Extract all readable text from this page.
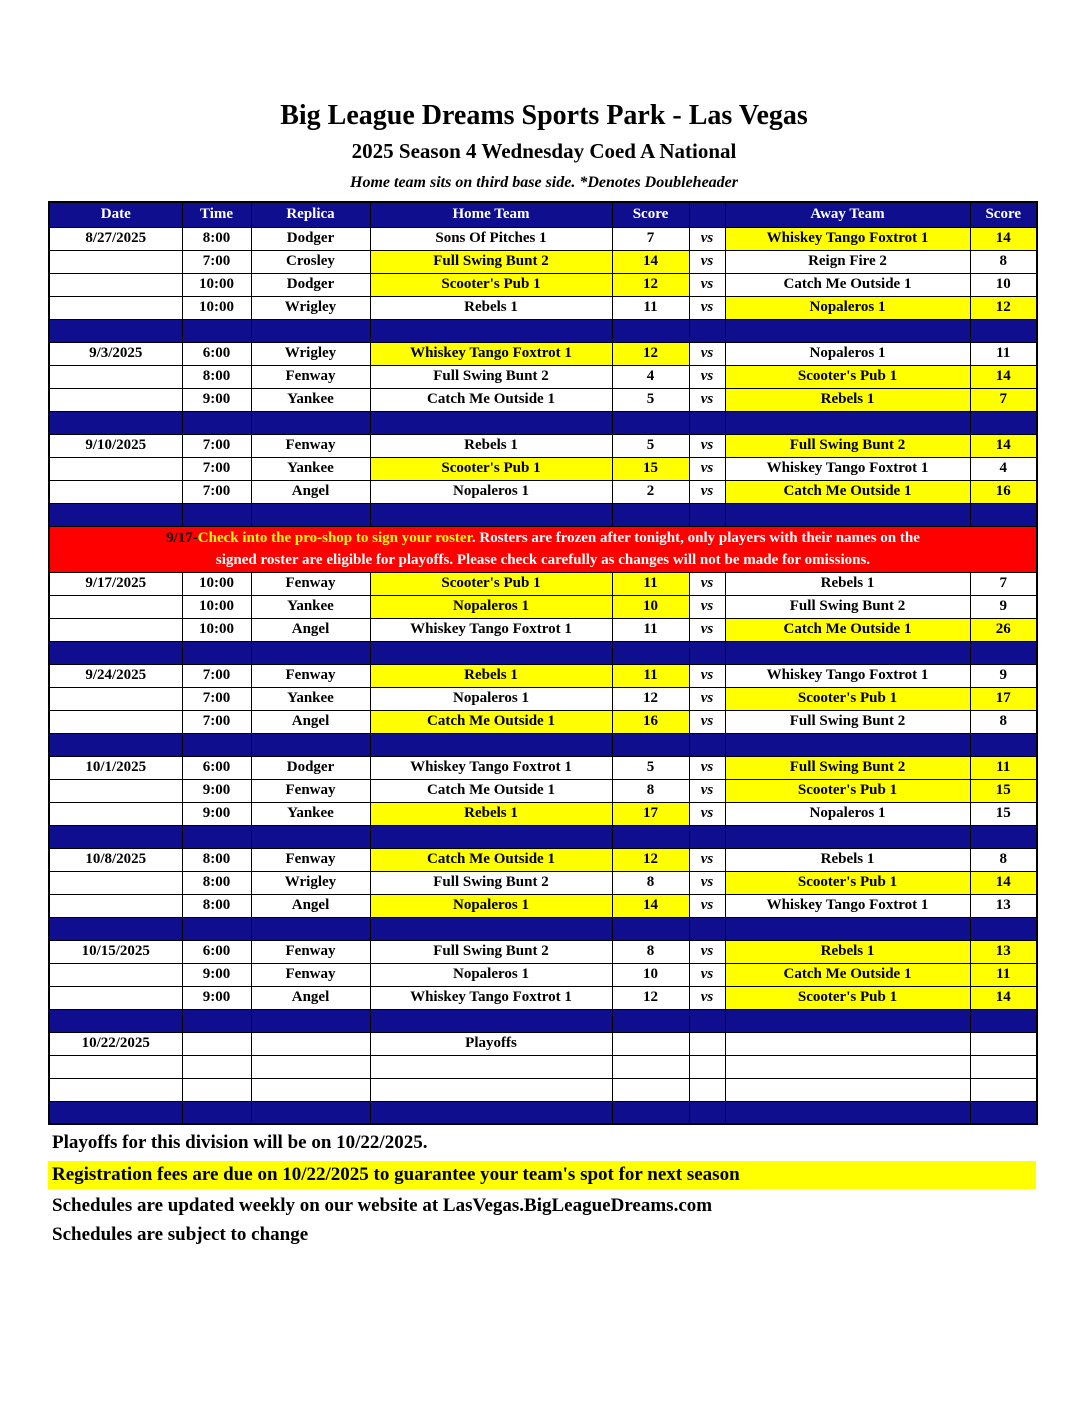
Big League Dreams Sports Park - Las Vegas
2025 Season 4 Wednesday Coed A National
Home team sits on third base side. *Denotes Doubleheader
Date	Time	Replica	Home Team	Score		Away Team	Score
8/27/2025	8:00	Dodger	Sons Of Pitches 1	7	vs	Whiskey Tango Foxtrot 1	14
	7:00	Crosley	Full Swing Bunt 2	14	vs	Reign Fire 2	8
	10:00	Dodger	Scooter's Pub 1	12	vs	Catch Me Outside 1	10
	10:00	Wrigley	Rebels 1	11	vs	Nopaleros 1	12

9/3/2025	6:00	Wrigley	Whiskey Tango Foxtrot 1	12	vs	Nopaleros 1	11
	8:00	Fenway	Full Swing Bunt 2	4	vs	Scooter's Pub 1	14
	9:00	Yankee	Catch Me Outside 1	5	vs	Rebels 1	7

9/10/2025	7:00	Fenway	Rebels 1	5	vs	Full Swing Bunt 2	14
	7:00	Yankee	Scooter's Pub 1	15	vs	Whiskey Tango Foxtrot 1	4
	7:00	Angel	Nopaleros 1	2	vs	Catch Me Outside 1	16

9/17-Check into the pro-shop to sign your roster. Rosters are frozen after tonight, only players with their names on the
signed roster are eligible for playoffs. Please check carefully as changes will not be made for omissions.							
9/17/2025	10:00	Fenway	Scooter's Pub 1	11	vs	Rebels 1	7
	10:00	Yankee	Nopaleros 1	10	vs	Full Swing Bunt 2	9
	10:00	Angel	Whiskey Tango Foxtrot 1	11	vs	Catch Me Outside 1	26

9/24/2025	7:00	Fenway	Rebels 1	11	vs	Whiskey Tango Foxtrot 1	9
	7:00	Yankee	Nopaleros 1	12	vs	Scooter's Pub 1	17
	7:00	Angel	Catch Me Outside 1	16	vs	Full Swing Bunt 2	8

10/1/2025	6:00	Dodger	Whiskey Tango Foxtrot 1	5	vs	Full Swing Bunt 2	11
	9:00	Fenway	Catch Me Outside 1	8	vs	Scooter's Pub 1	15
	9:00	Yankee	Rebels 1	17	vs	Nopaleros 1	15

10/8/2025	8:00	Fenway	Catch Me Outside 1	12	vs	Rebels 1	8
	8:00	Wrigley	Full Swing Bunt 2	8	vs	Scooter's Pub 1	14
	8:00	Angel	Nopaleros 1	14	vs	Whiskey Tango Foxtrot 1	13

10/15/2025	6:00	Fenway	Full Swing Bunt 2	8	vs	Rebels 1	13
	9:00	Fenway	Nopaleros 1	10	vs	Catch Me Outside 1	11
	9:00	Angel	Whiskey Tango Foxtrot 1	12	vs	Scooter's Pub 1	14

10/22/2025			Playoffs				

Playoffs for this division will be on 10/22/2025.
Registration fees are due on 10/22/2025 to guarantee your team's spot for next season
Schedules are updated weekly on our website at LasVegas.BigLeagueDreams.com
Schedules are subject to change
